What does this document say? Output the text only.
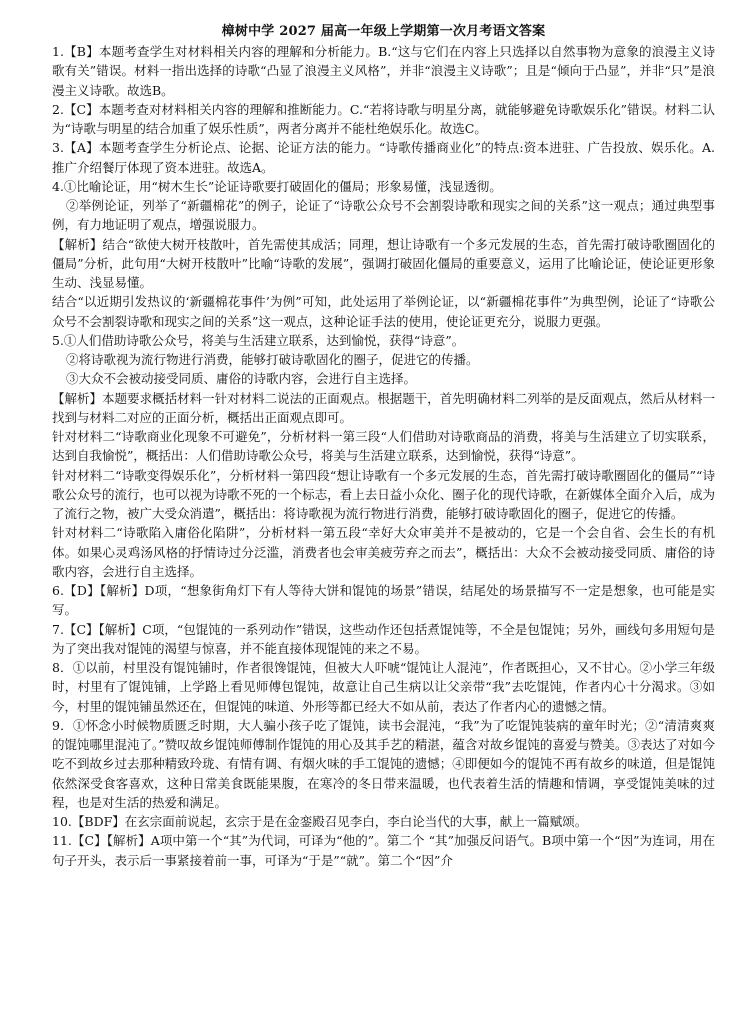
樟树中学 2027 届高一年级上学期第一次月考语文答案

1.【B】本题考查学生对材料相关内容的理解和分析能力。B.“这与它们在内容上只选择以自然事物为意象的浪漫主义诗歌有关”错误。材料一指出选择的诗歌“凸显了浪漫主义风格”，并非“浪漫主义诗歌”；且是“倾向于凸显”，并非“只”是浪漫主义诗歌。故选B。

2.【C】本题考查对材料相关内容的理解和推断能力。C.“若将诗歌与明星分离，就能够避免诗歌娱乐化”错误。材料二认为“诗歌与明星的结合加重了娱乐性质”，两者分离并不能杜绝娱乐化。故选C。

3.【A】本题考查学生分析论点、论据、论证方法的能力。“诗歌传播商业化”的特点:资本进驻、广告投放、娱乐化。A.推广介绍餐厅体现了资本进驻。故选A。

4.①比喻论证，用“树木生长”论证诗歌要打破固化的僵局；形象易懂，浅显透彻。

②举例论证，列举了“新疆棉花”的例子，论证了“诗歌公众号不会割裂诗歌和现实之间的关系”这一观点；通过典型事例，有力地证明了观点，增强说服力。

【解析】结合“欲使大树开枝散叶，首先需使其成活；同理，想让诗歌有一个多元发展的生态，首先需打破诗歌圈固化的僵局”分析，此句用“大树开枝散叶”比喻“诗歌的发展”，强调打破固化僵局的重要意义，运用了比喻论证，使论证更形象生动、浅显易懂。

结合“以近期引发热议的‘新疆棉花事件’为例”可知，此处运用了举例论证，以“新疆棉花事件”为典型例，论证了“诗歌公众号不会割裂诗歌和现实之间的关系”这一观点，这种论证手法的使用，使论证更充分，说服力更强。

5.①人们借助诗歌公众号，将美与生活建立联系，达到愉悦，获得“诗意”。

②将诗歌视为流行物进行消费，能够打破诗歌固化的圈子，促进它的传播。

③大众不会被动接受同质、庸俗的诗歌内容，会进行自主选择。

【解析】本题要求概括材料一针对材料二说法的正面观点。根据题干，首先明确材料二列举的是反面观点，然后从材料一找到与材料二对应的正面分析，概括出正面观点即可。

针对材料二“诗歌商业化现象不可避免”，分析材料一第三段“人们借助对诗歌商品的消费，将美与生活建立了切实联系，达到自我愉悦”，概括出：人们借助诗歌公众号，将美与生活建立联系，达到愉悦，获得“诗意”。

针对材料二“诗歌变得娱乐化”，分析材料一第四段“想让诗歌有一个多元发展的生态，首先需打破诗歌圈固化的僵局”“诗歌公众号的流行，也可以视为诗歌不死的一个标志，看上去日益小众化、圈子化的现代诗歌，在新媒体全面介入后，成为了流行之物，被广大受众消遣”，概括出：将诗歌视为流行物进行消费，能够打破诗歌固化的圈子，促进它的传播。

针对材料二“诗歌陷入庸俗化陷阱”，分析材料一第五段“幸好大众审美并不是被动的，它是一个会自省、会生长的有机体。如果心灵鸡汤风格的抒情诗过分泛滥，消费者也会审美疲劳弃之而去”，概括出：大众不会被动接受同质、庸俗的诗歌内容，会进行自主选择。

6.【D】【解析】D项，“想象街角灯下有人等待大饼和馄饨的场景”错误，结尾处的场景描写不一定是想象，也可能是实写。

7.【C】【解析】C项，“包馄饨的一系列动作”错误，这些动作还包括煮馄饨等，不全是包馄饨；另外，画线句多用短句是为了突出我对馄饨的渴望与惊喜，并不能直接体现馄饨的来之不易。

8．①以前，村里没有馄饨铺时，作者很馋馄饨，但被大人吓唬“馄饨让人混沌”，作者既担心，又不甘心。②小学三年级时，村里有了馄饨铺，上学路上看见师傅包馄饨，故意让自己生病以让父亲带“我”去吃馄饨，作者内心十分渴求。③如今，村里的馄饨铺虽然还在，但馄饨的味道、外形等都已经大不如从前，表达了作者内心的遗憾之情。

9．①怀念小时候物质匮乏时期，大人骗小孩子吃了馄饨，读书会混沌，“我”为了吃馄饨装病的童年时光；②“清清爽爽的馄饨哪里混沌了。”赞叹故乡馄饨师傅制作馄饨的用心及其手艺的精湛，蕴含对故乡馄饨的喜爱与赞美。③表达了对如今吃不到故乡过去那种精致玲珑、有情有调、有烟火味的手工馄饨的遗憾；④即便如今的馄饨不再有故乡的味道，但是馄饨依然深受食客喜欢，这种日常美食既能果腹，在寒冷的冬日带来温暖，也代表着生活的情趣和情调，享受馄饨美味的过程，也是对生活的热爱和满足。

10.【BDF】在玄宗面前说起，玄宗于是在金銮殿召见李白，李白论当代的大事，献上一篇赋颂。

11.【C】【解析】A项中第一个“其”为代词，可译为“他的”。第二个 “其”加强反问语气。B项中第一个“因”为连词，用在句子开头，表示后一事紧接着前一事，可译为“于是”“就”。第二个“因”介
